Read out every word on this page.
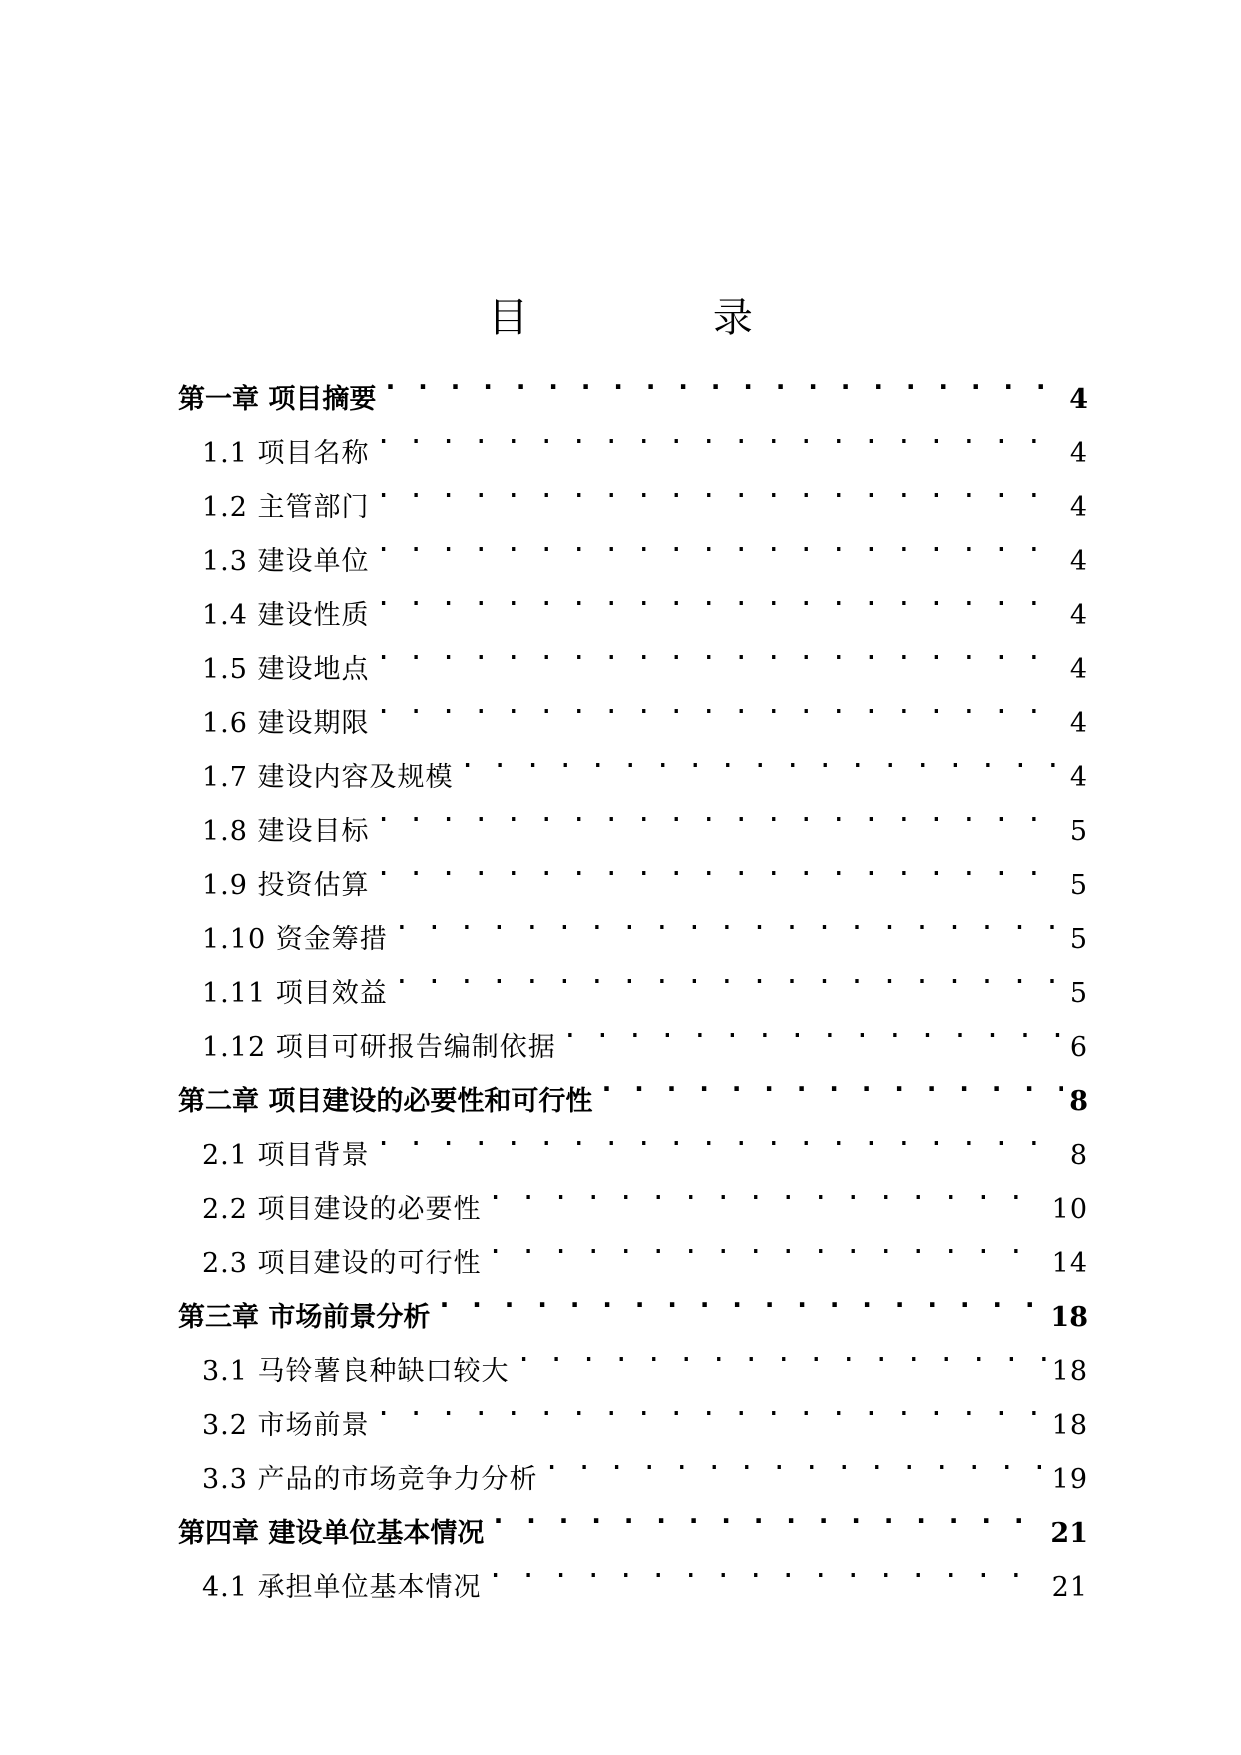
目 录
第一章 项目摘要 . . .	4
1.1 项目名称 . . .	4
1.2 主管部门 . . .	4
1.3 建设单位 . . .	4
1.4 建设性质 . . .	4
1.5 建设地点 . . .	4
1.6 建设期限 . . .	4
1.7 建设内容及规模 . . .	4
1.8 建设目标 . . .	5
1.9 投资估算 . . .	5
1.10 资金筹措 . . .	5
1.11 项目效益 . . .	5
1.12 项目可研报告编制依据 . . .	6
第二章 项目建设的必要性和可行性 . . .	8
2.1 项目背景 . . .	8
2.2 项目建设的必要性 . . .	10
2.3 项目建设的可行性 . . .	14
第三章 市场前景分析 . . .	18
3.1 马铃薯良种缺口较大 . . .	18
3.2 市场前景 . . .	18
3.3 产品的市场竞争力分析 . . .	19
第四章 建设单位基本情况 . . .	21
4.1 承担单位基本情况 . . .	21
